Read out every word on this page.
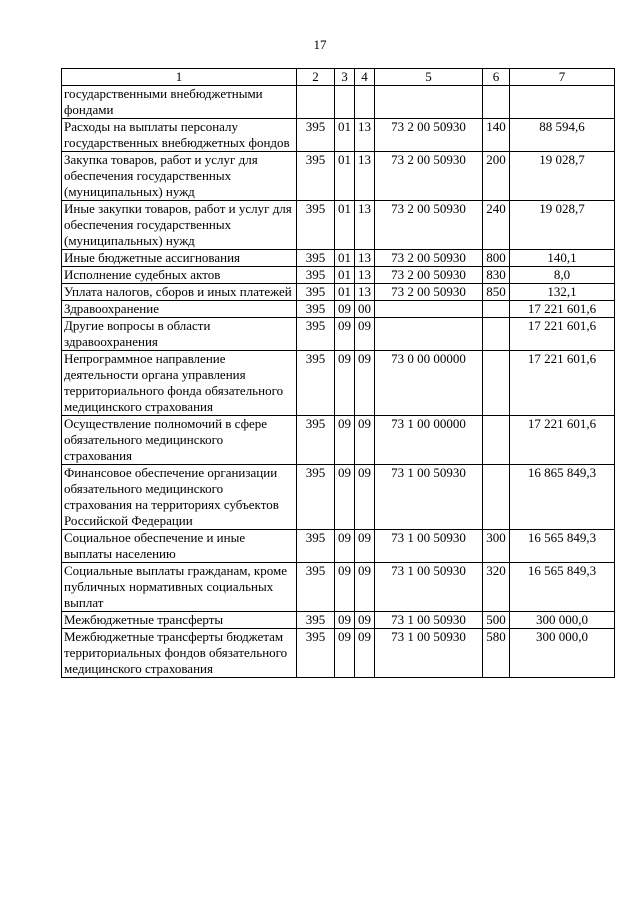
17
1	2	3	4	5	6	7
государственными внебюджетными фондами						
Расходы на выплаты персоналу государственных внебюджетных фондов	395	01	13	73 2 00 50930	140	88 594,6
Закупка товаров, работ и услуг для обеспечения государственных (муниципальных) нужд	395	01	13	73 2 00 50930	200	19 028,7
Иные закупки товаров, работ и услуг для обеспечения государственных (муниципальных) нужд	395	01	13	73 2 00 50930	240	19 028,7
Иные бюджетные ассигнования	395	01	13	73 2 00 50930	800	140,1
Исполнение судебных актов	395	01	13	73 2 00 50930	830	8,0
Уплата налогов, сборов и иных платежей	395	01	13	73 2 00 50930	850	132,1
Здравоохранение	395	09	00			17 221 601,6
Другие вопросы в области здравоохранения	395	09	09			17 221 601,6
Непрограммное направление деятельности органа управления территориального фонда обязательного медицинского страхования	395	09	09	73 0 00 00000		17 221 601,6
Осуществление полномочий в сфере обязательного медицинского страхования	395	09	09	73 1 00 00000		17 221 601,6
Финансовое обеспечение организации обязательного медицинского страхования на территориях субъектов Российской Федерации	395	09	09	73 1 00 50930		16 865 849,3
Социальное обеспечение и иные выплаты населению	395	09	09	73 1 00 50930	300	16 565 849,3
Социальные выплаты гражданам, кроме публичных нормативных социальных выплат	395	09	09	73 1 00 50930	320	16 565 849,3
Межбюджетные трансферты	395	09	09	73 1 00 50930	500	300 000,0
Межбюджетные трансферты бюджетам территориальных фондов обязательного медицинского страхования	395	09	09	73 1 00 50930	580	300 000,0
